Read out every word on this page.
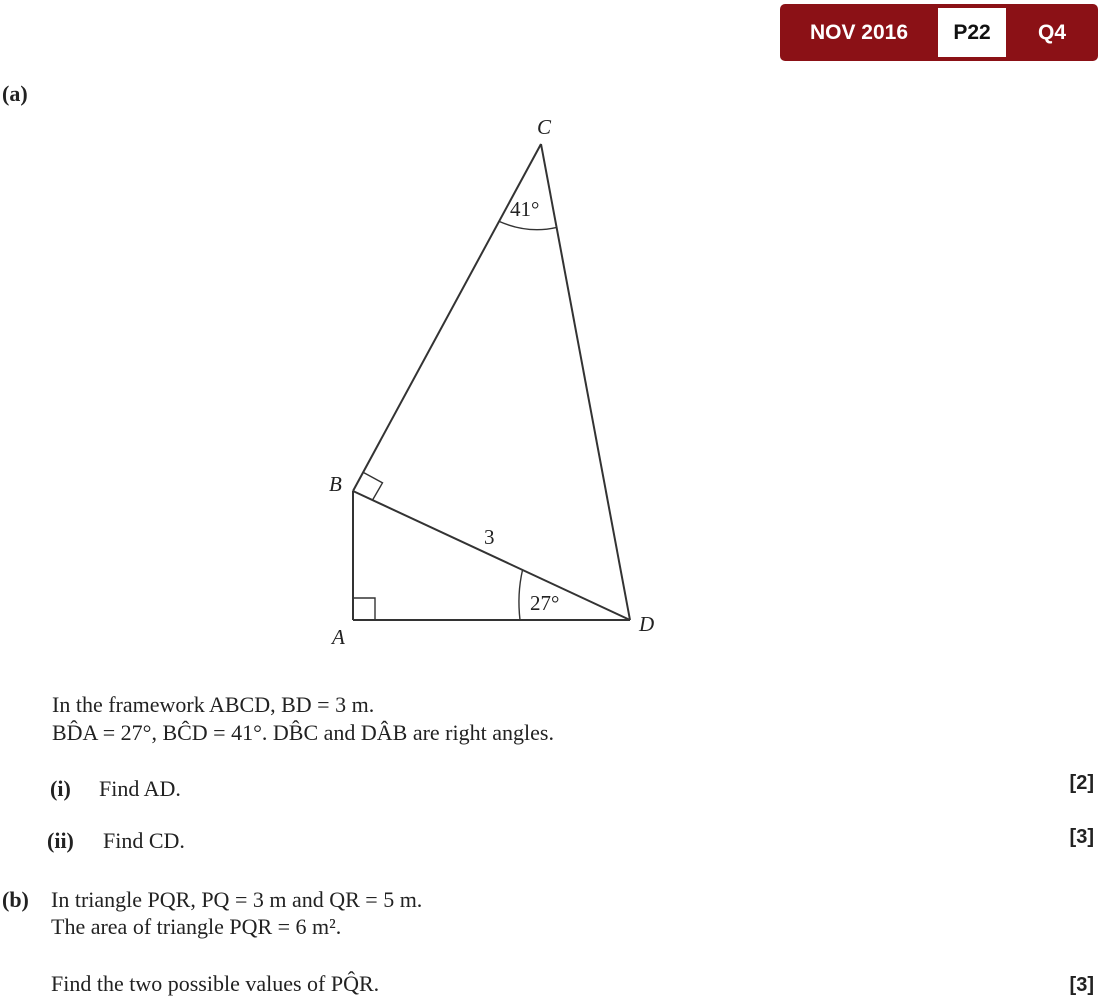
NOV 2016	P22	Q4
(a)
C
B
A
D
41°
27°
3
In the framework ABCD, BD = 3 m.
BD̂A = 27°, BĈD = 41°. DB̂C and DÂB are right angles.
(i) Find AD.	[2]
(ii) Find CD.	[3]
(b) In triangle PQR, PQ = 3 m and QR = 5 m.
The area of triangle PQR = 6 m².
Find the two possible values of PQ̂R.	[3]
